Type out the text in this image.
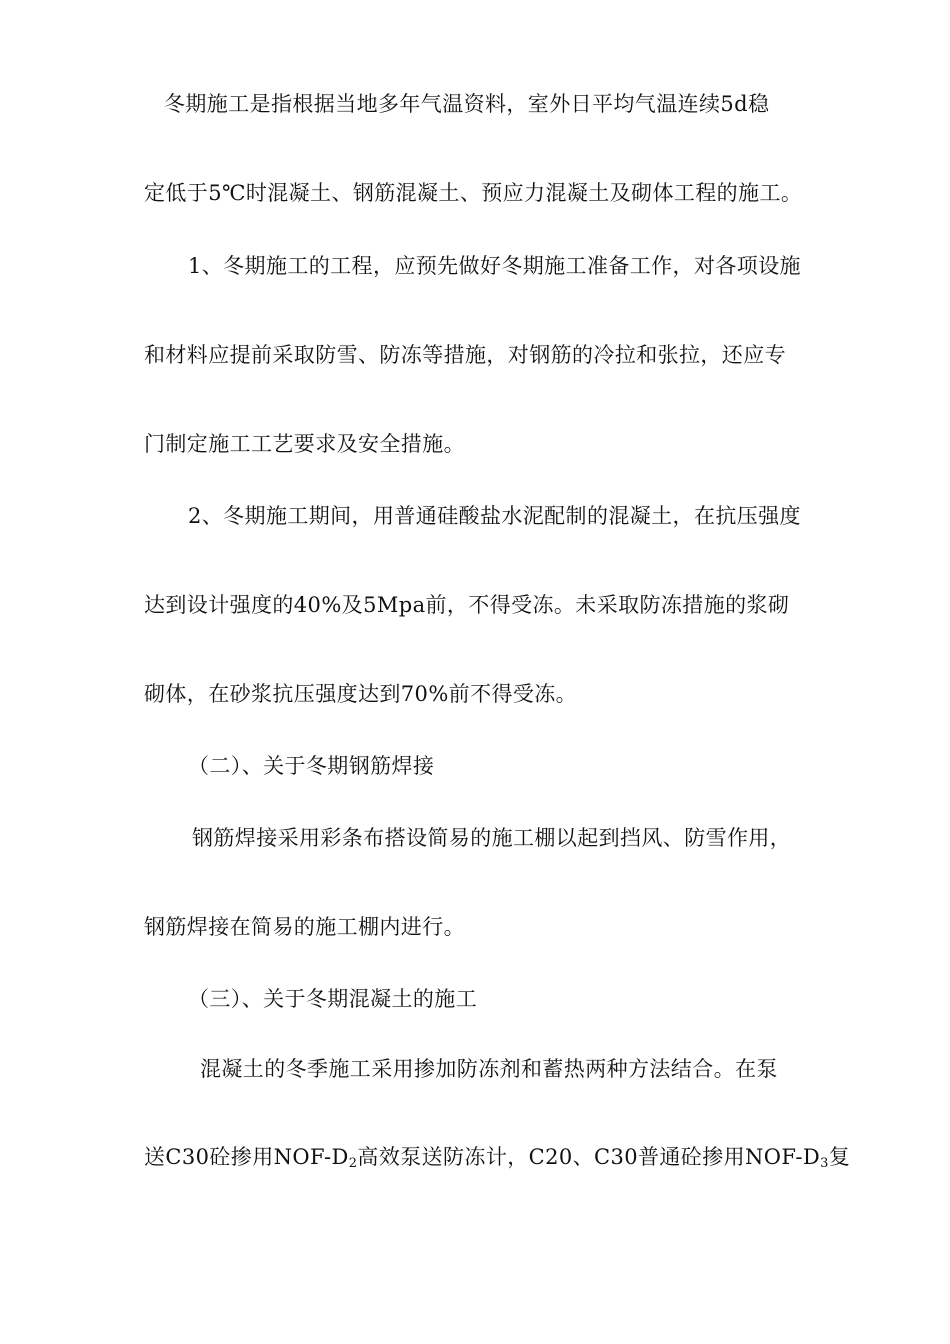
冬期施工是指根据当地多年气温资料，室外日平均气温连续5d稳
定低于5℃时混凝土、钢筋混凝土、预应力混凝土及砌体工程的施工。
1、冬期施工的工程，应预先做好冬期施工准备工作，对各项设施
和材料应提前采取防雪、防冻等措施，对钢筋的冷拉和张拉，还应专
门制定施工工艺要求及安全措施。
2、冬期施工期间，用普通硅酸盐水泥配制的混凝土，在抗压强度
达到设计强度的40%及5Mpa前，不得受冻。未采取防冻措施的浆砌
砌体，在砂浆抗压强度达到70%前不得受冻。
（二）、关于冬期钢筋焊接
钢筋焊接采用彩条布搭设简易的施工棚以起到挡风、防雪作用，
钢筋焊接在简易的施工棚内进行。
（三）、关于冬期混凝土的施工
混凝土的冬季施工采用掺加防冻剂和蓄热两种方法结合。在泵
送C30砼掺用NOF-$D_2$高效泵送防冻计，C20、C30普通砼掺用NOF-$D_3$复
